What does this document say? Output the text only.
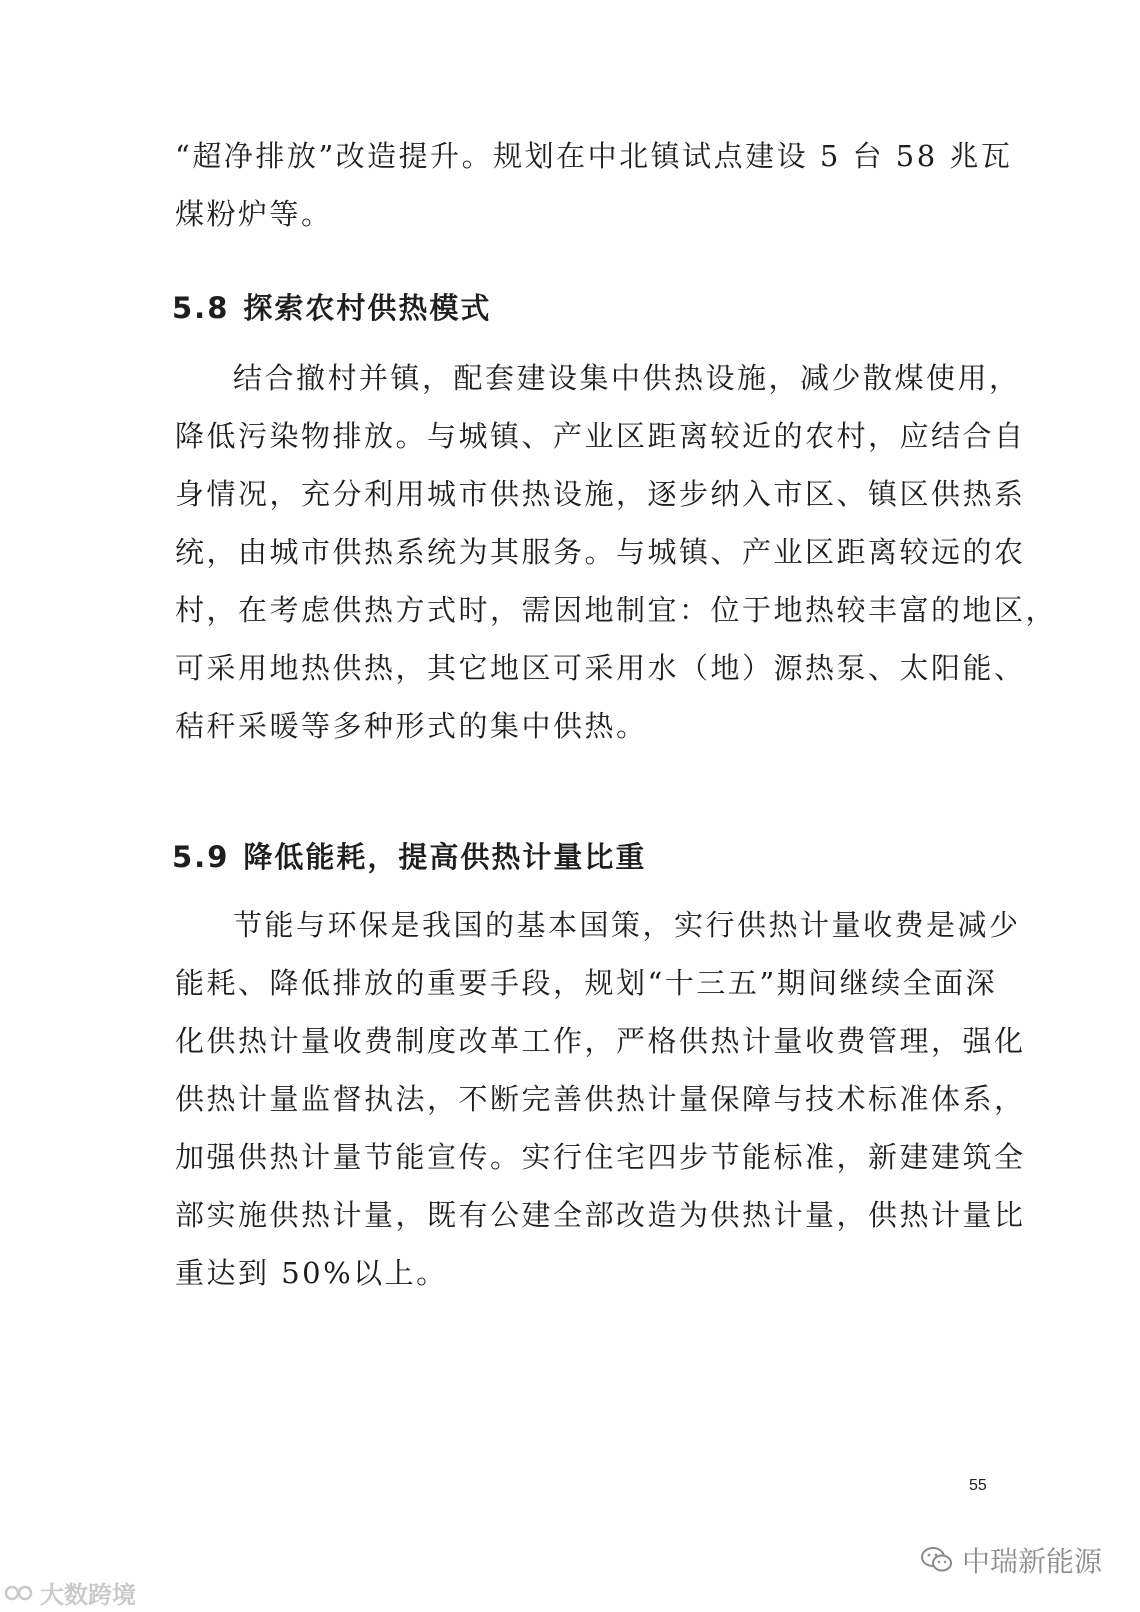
“超净排放”改造提升。规划在中北镇试点建设 5 台 58 兆瓦
煤粉炉等。
5.8 探索农村供热模式
结合撤村并镇，配套建设集中供热设施，减少散煤使用，
降低污染物排放。与城镇、产业区距离较近的农村，应结合自
身情况，充分利用城市供热设施，逐步纳入市区、镇区供热系
统，由城市供热系统为其服务。与城镇、产业区距离较远的农
村，在考虑供热方式时，需因地制宜：位于地热较丰富的地区，
可采用地热供热，其它地区可采用水（地）源热泵、太阳能、
秸秆采暖等多种形式的集中供热。
5.9 降低能耗，提高供热计量比重
节能与环保是我国的基本国策，实行供热计量收费是减少
能耗、降低排放的重要手段，规划“十三五”期间继续全面深
化供热计量收费制度改革工作，严格供热计量收费管理，强化
供热计量监督执法，不断完善供热计量保障与技术标准体系，
加强供热计量节能宣传。实行住宅四步节能标准，新建建筑全
部实施供热计量，既有公建全部改造为供热计量，供热计量比
重达到 50%以上。
55
大数跨境
中瑞新能源
